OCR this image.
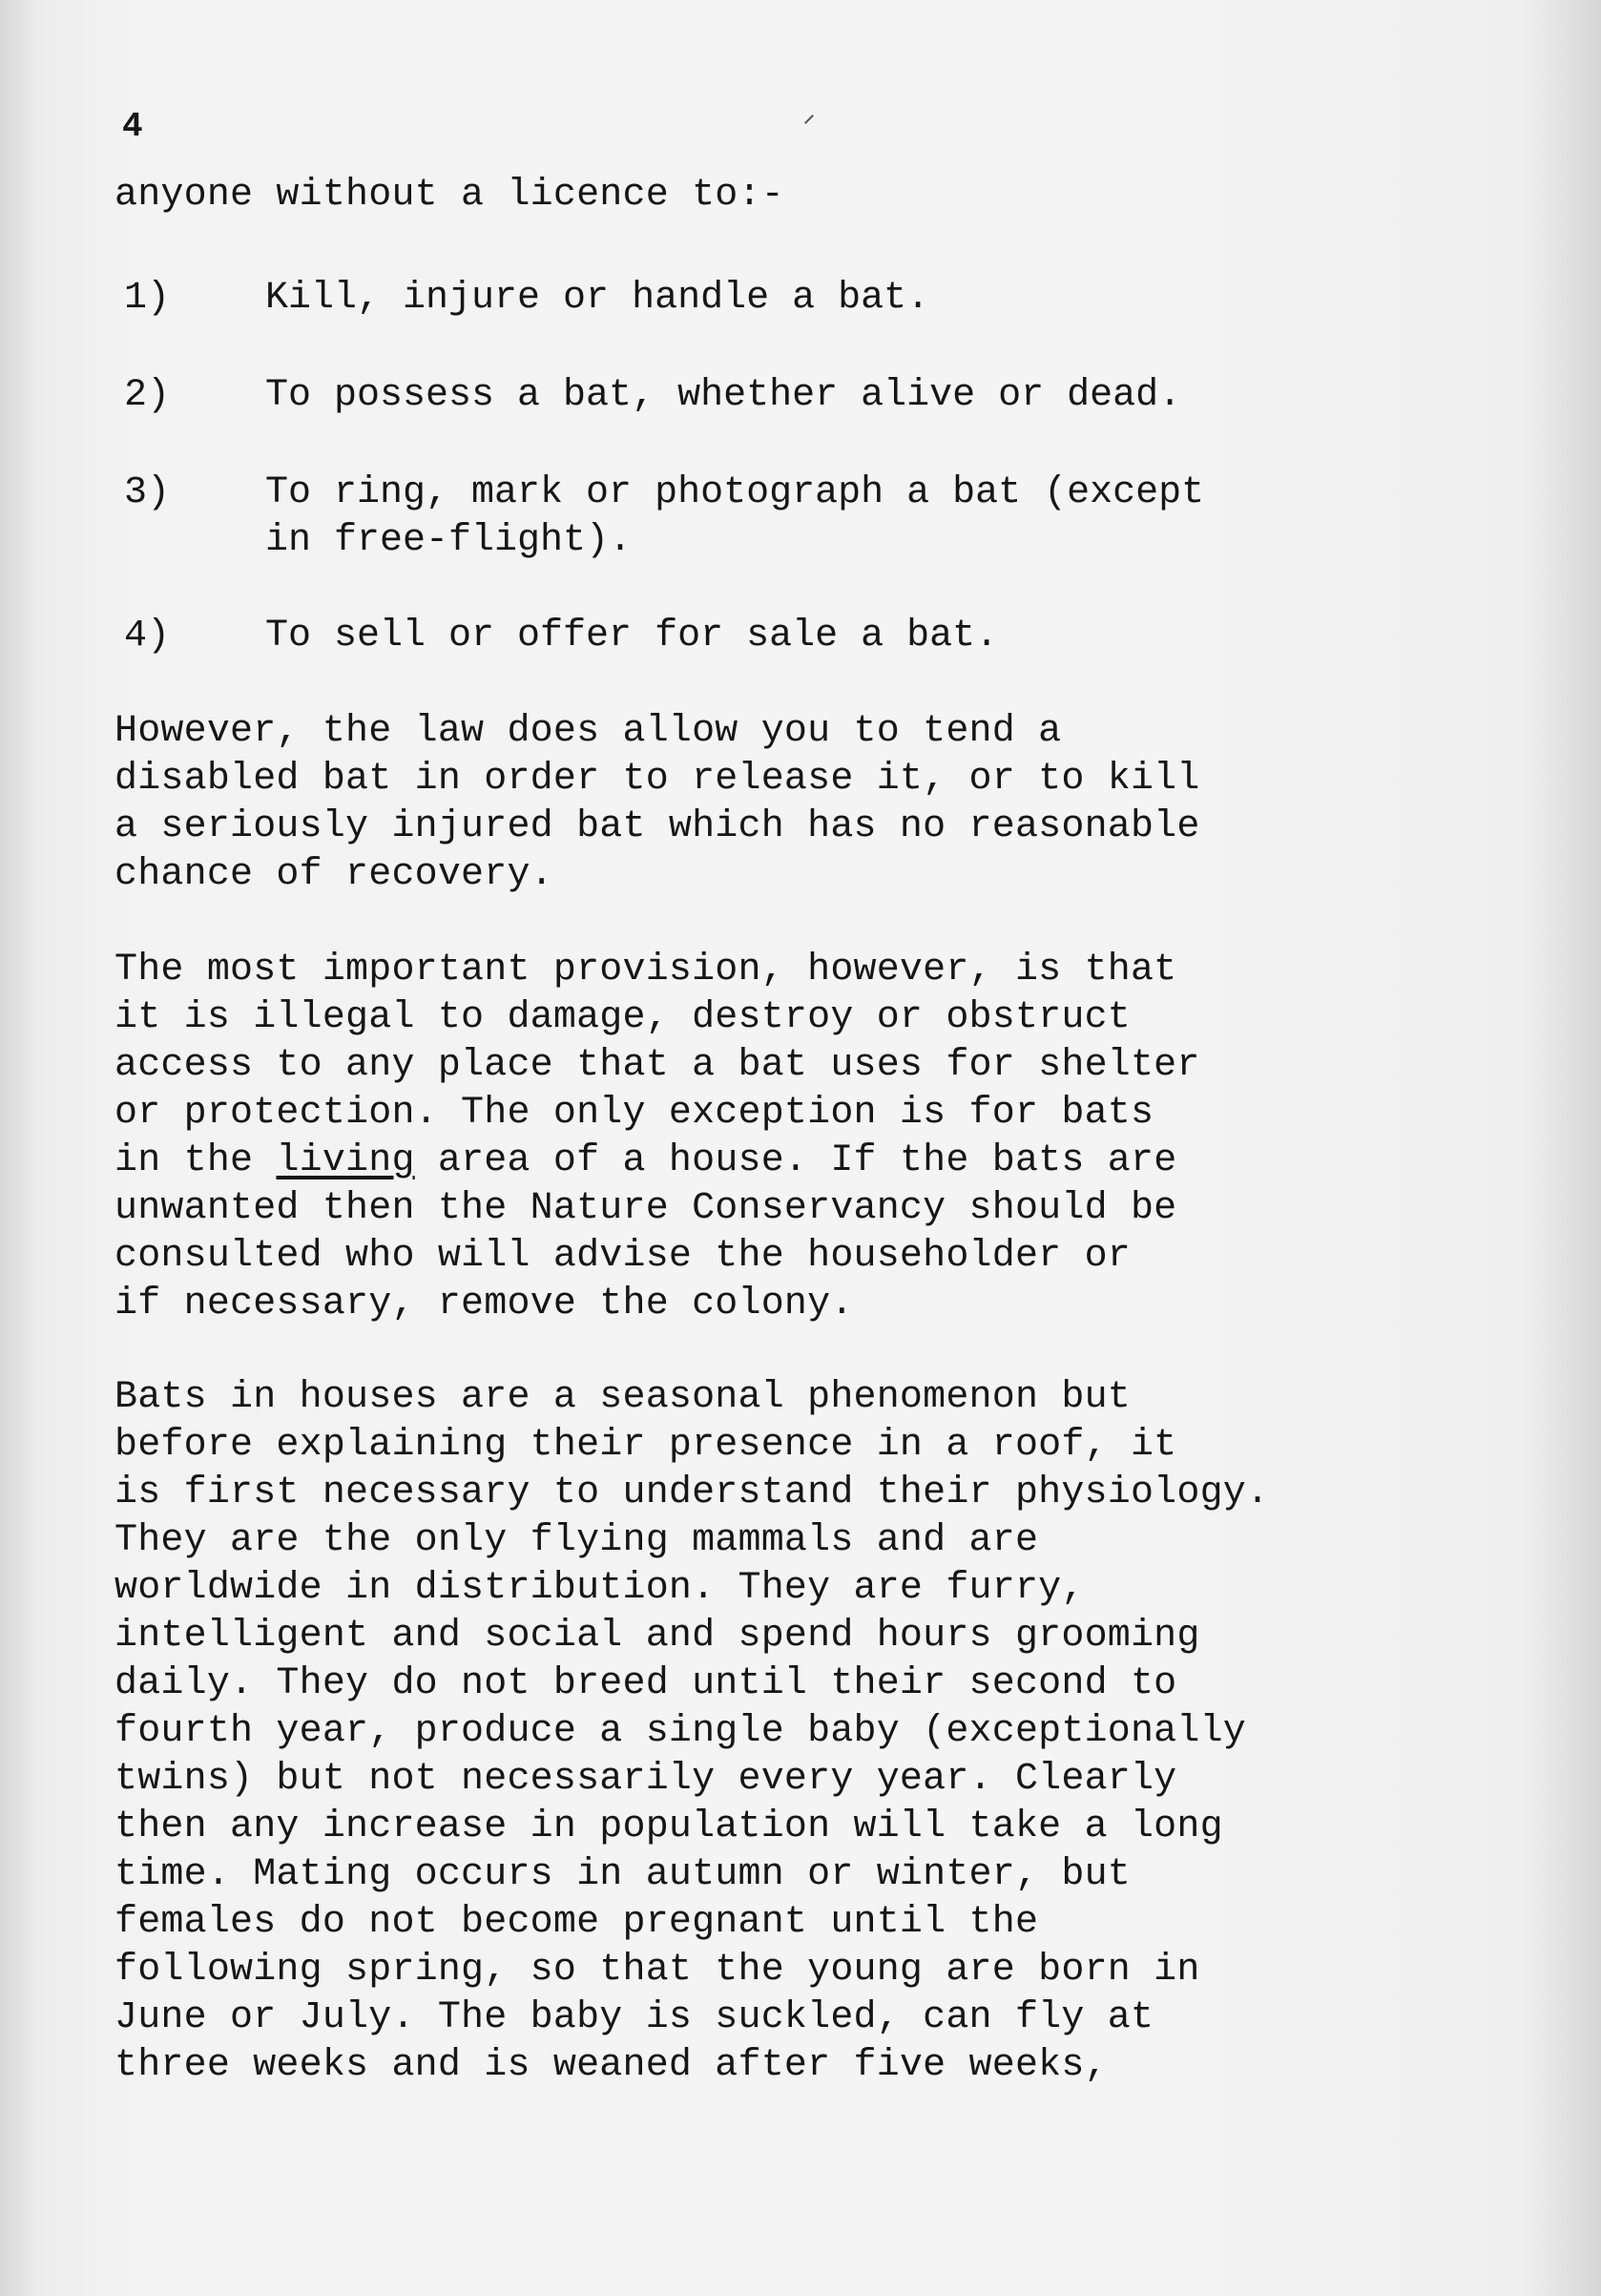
4
anyone without a licence to:-

1)

Kill, injure or handle a bat.

2)

To possess a bat, whether alive or dead.

3)

To ring, mark or photograph a bat (except
in free-flight).

4)

To sell or offer for sale a bat.

However, the law does allow you to tend a
disabled bat in order to release it, or to kill
a seriously injured bat which has no reasonable
chance of recovery.
The most important provision, however, is that
it is illegal to damage, destroy or obstruct
access to any place that a bat uses for shelter
or protection. The only exception is for bats
in the living area of a house. If the bats are
unwanted then the Nature Conservancy should be
consulted who will advise the householder or
if necessary, remove the colony.
Bats in houses are a seasonal phenomenon but
before explaining their presence in a roof, it
is first necessary to understand their physiology.
They are the only flying mammals and are
worldwide in distribution. They are furry,
intelligent and social and spend hours grooming
daily. They do not breed until their second to
fourth year, produce a single baby (exceptionally
twins) but not necessarily every year. Clearly
then any increase in population will take a long
time. Mating occurs in autumn or winter, but
females do not become pregnant until the
following spring, so that the young are born in
June or July. The baby is suckled, can fly at
three weeks and is weaned after five weeks,
